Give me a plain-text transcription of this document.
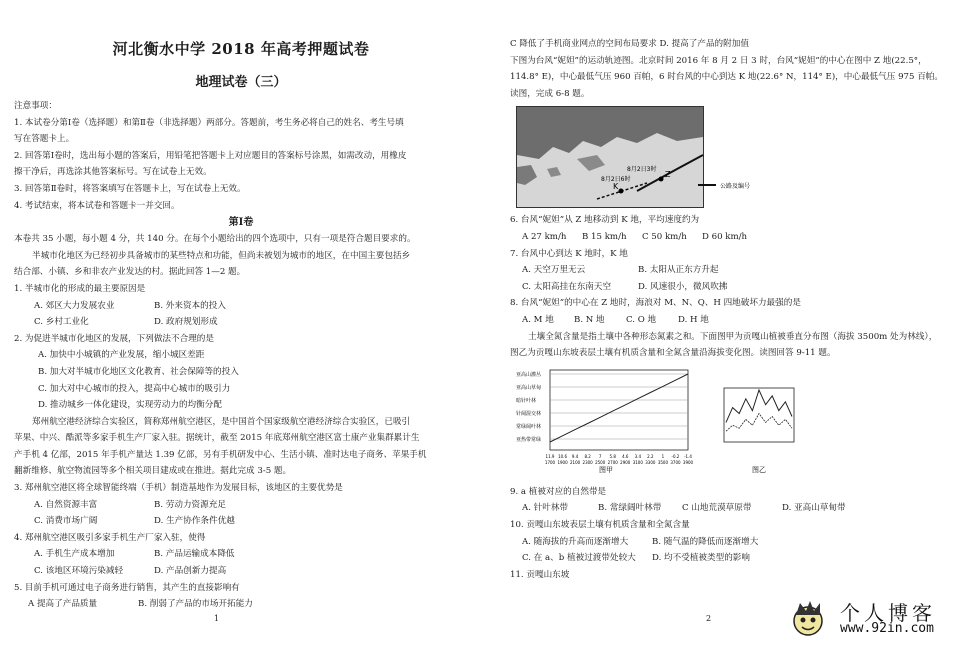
河北衡水中学 2018 年高考押题试卷
地理试卷（三）
注意事项：
1. 本试卷分第Ⅰ卷（选择题）和第Ⅱ卷（非选择题）两部分。答题前，考生务必将自己的姓名、考生号填
写在答题卡上。
2. 回答第Ⅰ卷时，选出每小题的答案后，用铅笔把答题卡上对应题目的答案标号涂黑，如需改动，用橡皮
擦干净后，再选涂其他答案标号。写在试卷上无效。
3. 回答第Ⅱ卷时，将答案填写在答题卡上，写在试卷上无效。
4. 考试结束，将本试卷和答题卡一并交回。
第Ⅰ卷
本卷共 35 小题，每小题 4 分，共 140 分。在每个小题给出的四个选项中，只有一项是符合题目要求的。
半城市化地区为已经初步具备城市的某些特点和功能，但尚未被划为城市的地区，在中国主要包括乡
结合部、小镇、乡和非农产业发达的村。据此回答 1—2 题。
1. 半城市化的形成的最主要原因是
A. 郊区大力发展农业	B. 外来资本的投入
C. 乡村工业化	D. 政府规划形成
2. 为促进半城市化地区的发展，下列做法不合理的是
A. 加快中小城镇的产业发展，缩小城区差距
B. 加大对半城市化地区文化教育、社会保障等的投入
C. 加大对中心城市的投入，提高中心城市的吸引力
D. 推动城乡一体化建设，实现劳动力的均衡分配
郑州航空港经济综合实验区，简称郑州航空港区，是中国首个国家级航空港经济综合实验区，已吸引
苹果、中兴、酷派等多家手机生产厂家入驻。据统计，截至 2015 年底郑州航空港区富士康产业集群累计生
产手机 4 亿部，2015 年手机产量达 1.39 亿部，另有手机研发中心、生活小镇、准时达电子商务、苹果手机
翻新维修、航空物流园等多个相关项目建成或在推进。据此完成 3-5 题。
3. 郑州航空港区将全球智能终端（手机）制造基地作为发展目标，该地区的主要优势是
A. 自然资源丰富	B. 劳动力资源充足
C. 消费市场广阔	D. 生产协作条件优越
4. 郑州航空港区吸引多家手机生产厂家入驻，使得
A. 手机生产成本增加	B. 产品运输成本降低
C. 该地区环境污染减轻	D. 产品创新力提高
5. 目前手机可通过电子商务进行销售，其产生的直接影响有
A 提高了产品质量	B. 削弱了产品的市场开拓能力
1
C 降低了手机商业网点的空间布局要求 D. 提高了产品的附加值
下图为台风“妮妲”的运动轨迹图。北京时间 2016 年 8 月 2 日 3 时，台风“妮妲”的中心在图中 Z 地(22.5°，
114.8° E)，中心最低气压 960 百帕，6 时台风的中心到达 K 地(22.6° N，114° E)，中心最低气压 975 百帕。
读图，完成 6-8 题。
Z
K
8月2日3时
8月2日6时
公路及编号
6. 台风“妮妲”从 Z 地移动到 K 地，平均速度约为
A 27 km/h	B 15 km/h	C 50 km/h	D 60 km/h
7. 台风中心到达 K 地时，K 地
A. 天空万里无云	B. 太阳从正东方升起
C. 太阳高挂在东南天空	D. 风速很小，微风吹拂
8. 台风“妮妲”的中心在 Z 地时，海浪对 M、N、Q、H 四地破坏力最强的是
A. M 地	B. N 地	C. O 地	D. H 地
土壤全氮含量是指土壤中各种形态氮素之和。下面图甲为贡嘎山植被垂直分布图（海拔 3500m 处为林线），
图乙为贡嘎山东坡表层土壤有机质含量和全氮含量沿海拔变化图。读图回答 9-11 题。
亚高山灌丛
亚高山草甸
暗针叶林
针阔混交林
常绿阔叶林
亚热带常绿
11.9
1700
10.6
1900
9.4
2100
8.2
2300
7
2500
5.8
2700
4.6
2900
3.4
3100
2.2
3300
1
3500
-0.2
3700
-1.4
3900
图甲	图乙
9. a 植被对应的自然带是
A. 针叶林带	B. 常绿阔叶林带	C 山地荒漠草原带	D. 亚高山草甸带
10. 贡嘎山东坡表层土壤有机质含量和全氮含量
A. 随海拔的升高而逐渐增大	B. 随气温的降低而逐渐增大
C. 在 a、b 植被过渡带处较大	D. 均不受植被类型的影响
11. 贡嘎山东坡
2	个人博客
www.92in.com
